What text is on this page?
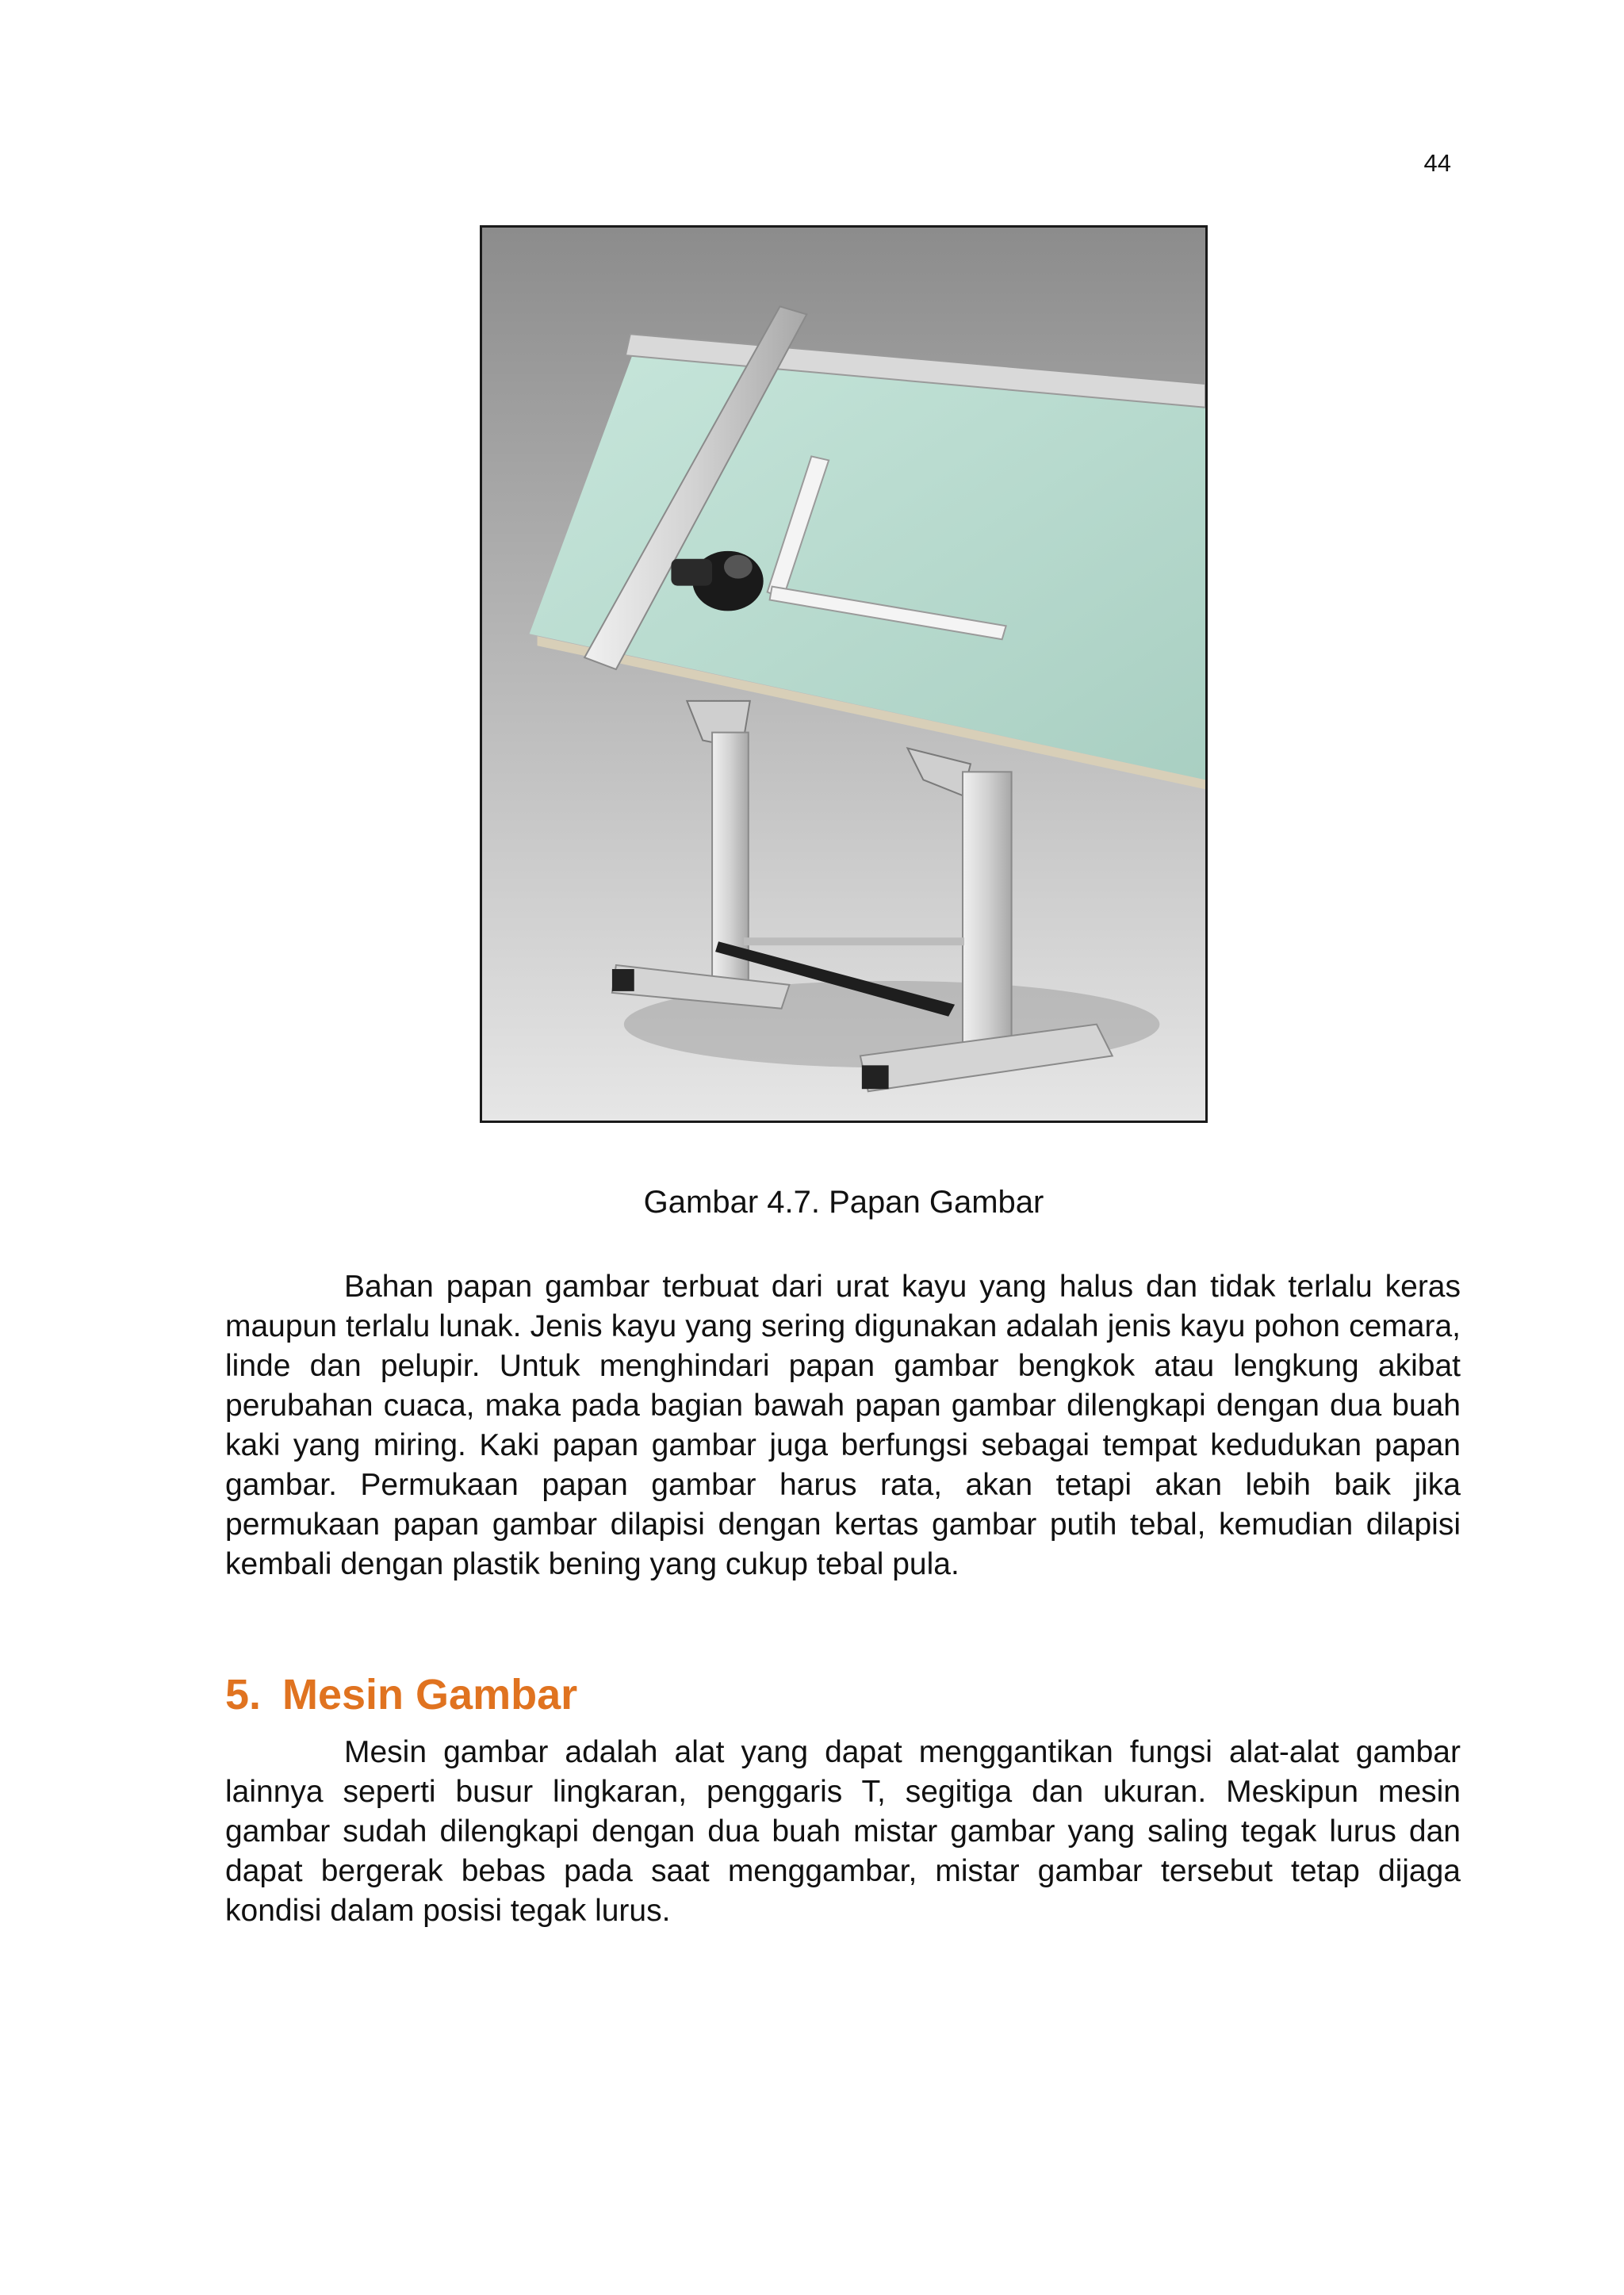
44
Gambar 4.7. Papan Gambar

Bahan papan gambar terbuat dari urat kayu yang halus dan tidak terlalu keras maupun terlalu lunak. Jenis kayu yang sering digunakan adalah jenis kayu pohon cemara, linde dan pelupir. Untuk menghindari papan gambar bengkok atau lengkung akibat perubahan cuaca, maka pada bagian bawah papan gambar dilengkapi dengan dua buah kaki yang miring. Kaki papan gambar juga berfungsi sebagai tempat kedudukan papan gambar. Permukaan papan gambar harus rata, akan tetapi akan lebih baik jika permukaan papan gambar dilapisi dengan kertas gambar putih tebal, kemudian dilapisi kembali dengan plastik bening yang cukup tebal pula.

5. Mesin Gambar

Mesin gambar adalah alat yang dapat menggantikan fungsi alat-alat gambar lainnya seperti busur lingkaran, penggaris T, segitiga dan ukuran. Meskipun mesin gambar sudah dilengkapi dengan dua buah mistar gambar yang saling tegak lurus dan dapat bergerak bebas pada saat menggambar, mistar gambar tersebut tetap dijaga kondisi dalam posisi tegak lurus.
